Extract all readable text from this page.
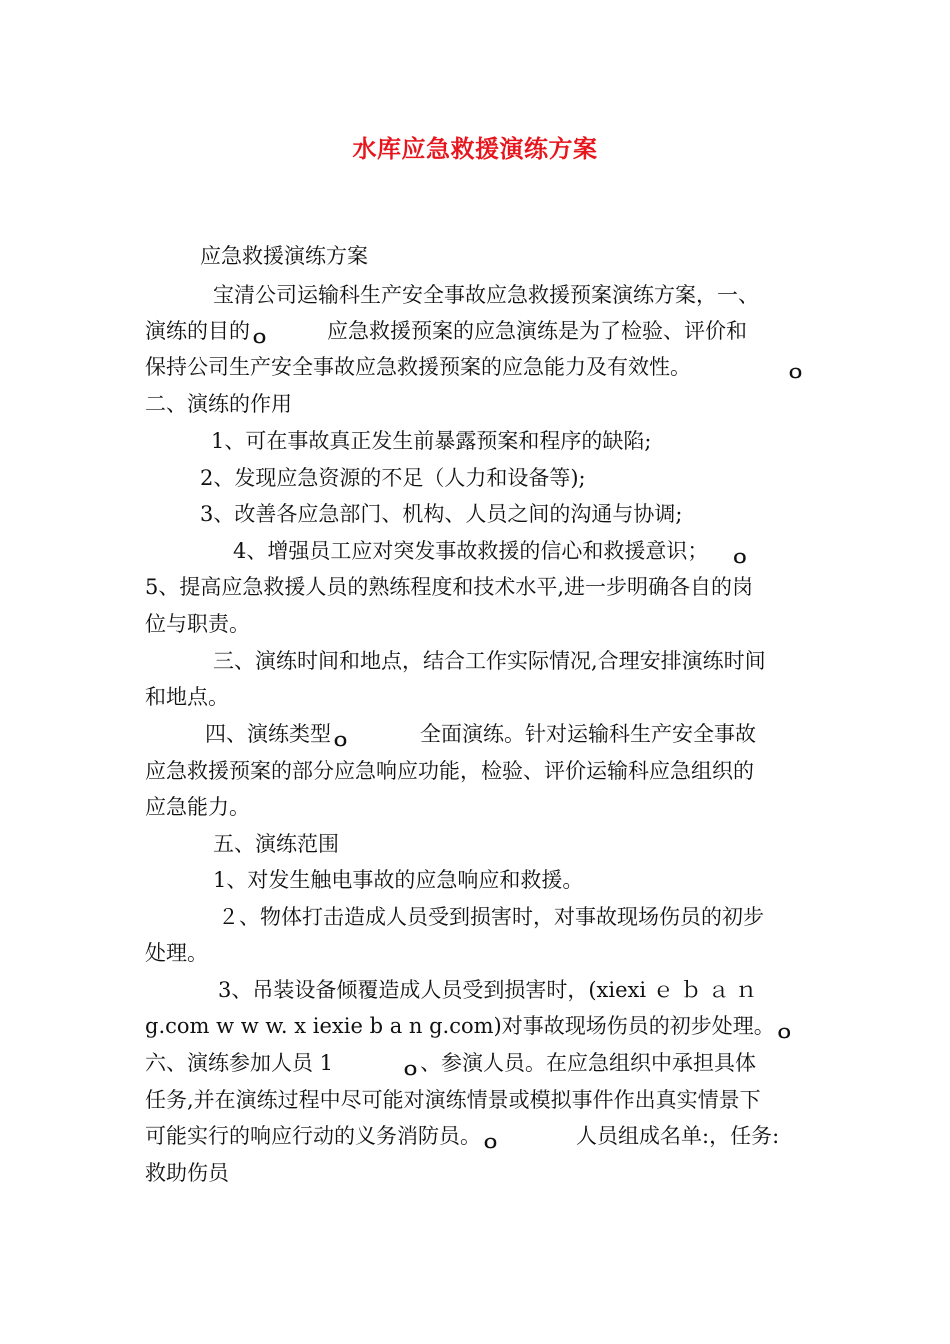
水库应急救援演练方案

应急救援演练方案

宝清公司运输科生产安全事故应急救援预案演练方案，一、

演练的目的ｏ	应急救援预案的应急演练是为了检验、评价和

保持公司生产安全事故应急救援预案的应急能力及有效性。	ｏ

二、演练的作用

1、可在事故真正发生前暴露预案和程序的缺陷;

2、发现应急资源的不足（人力和设备等);

3、改善各应急部门、机构、人员之间的沟通与协调;

4、增强员工应对突发事故救援的信心和救援意识； ｏ

5、提高应急救援人员的熟练程度和技术水平,进一步明确各自的岗

位与职责。

三、演练时间和地点，结合工作实际情况,合理安排演练时间

和地点。

四、演练类型ｏ	全面演练。针对运输科生产安全事故

应急救援预案的部分应急响应功能，检验、评价运输科应急组织的

应急能力。

五、演练范围

1、对发生触电事故的应急响应和救援。

２、物体打击造成人员受到损害时，对事故现场伤员的初步

处理。

3、吊装设备倾覆造成人员受到损害时，(xiexi ｅ ｂ ａ ｎ

g.com w w w. x iexie b a n g.com)对事故现场伤员的初步处理。ｏ

六、演练参加人员 1	ｏ、参演人员。在应急组织中承担具体

任务,并在演练过程中尽可能对演练情景或模拟事件作出真实情景下

可能实行的响应行动的义务消防员。ｏ	人员组成名单:，任务:

救助伤员
